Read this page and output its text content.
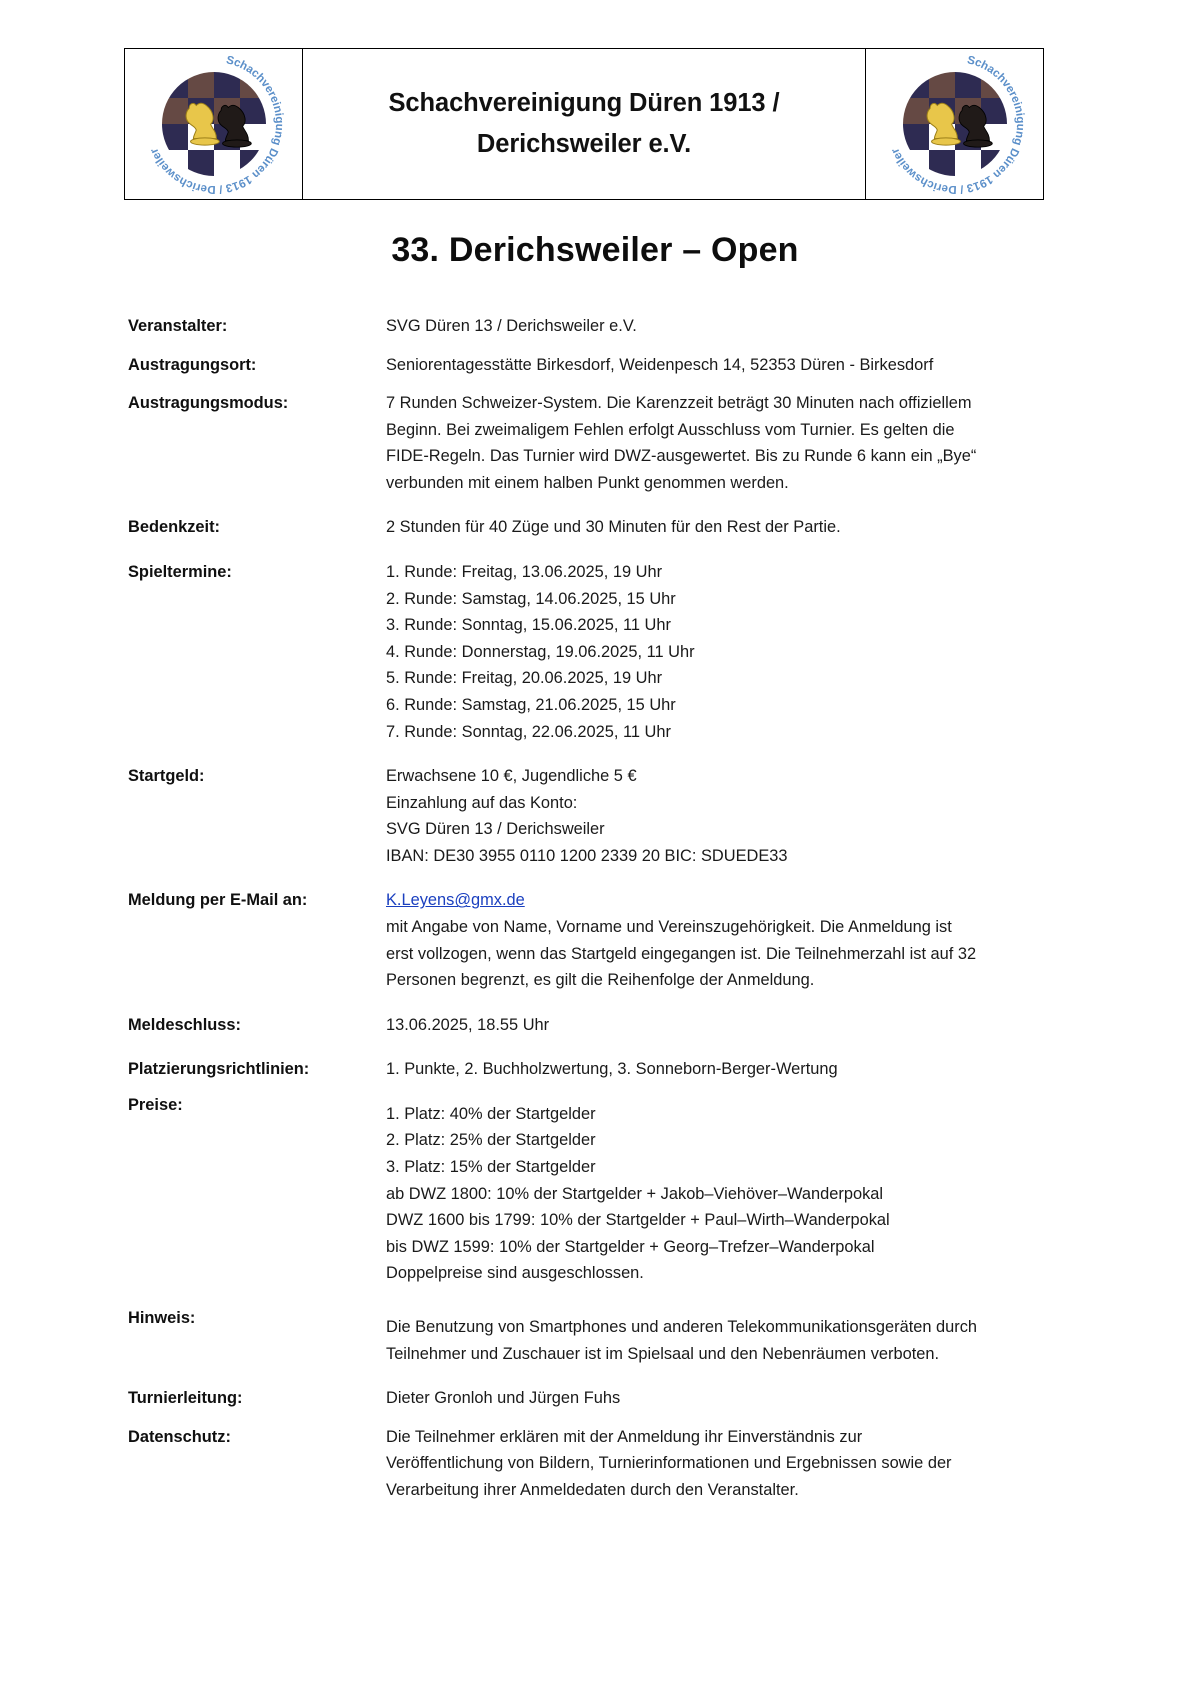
Schachvereinigung Düren 1913 / Derichsweiler
Schachvereinigung Düren 1913 / Derichsweiler e.V.
Schachvereinigung Düren 1913 / Derichsweiler
33. Derichsweiler – Open
Veranstalter:	SVG Düren 13 / Derichsweiler e.V.
Austragungsort:	Seniorentagesstätte Birkesdorf, Weidenpesch 14, 52353 Düren - Birkesdorf
Austragungsmodus:	7 Runden Schweizer-System. Die Karenzzeit beträgt 30 Minuten nach offiziellem
Beginn. Bei zweimaligem Fehlen erfolgt Ausschluss vom Turnier. Es gelten die
FIDE-Regeln. Das Turnier wird DWZ-ausgewertet. Bis zu Runde 6 kann ein „Bye“
verbunden mit einem halben Punkt genommen werden.
Bedenkzeit:	2 Stunden für 40 Züge und 30 Minuten für den Rest der Partie.
Spieltermine:	1. Runde: Freitag, 13.06.2025, 19 Uhr
2. Runde: Samstag, 14.06.2025, 15 Uhr
3. Runde: Sonntag, 15.06.2025, 11 Uhr
4. Runde: Donnerstag, 19.06.2025, 11 Uhr
5. Runde: Freitag, 20.06.2025, 19 Uhr
6. Runde: Samstag, 21.06.2025, 15 Uhr
7. Runde: Sonntag, 22.06.2025, 11 Uhr
Startgeld:	Erwachsene 10 €, Jugendliche 5 €
Einzahlung auf das Konto:
SVG Düren 13 / Derichsweiler
IBAN: DE30 3955 0110 1200 2339 20 BIC: SDUEDE33
Meldung per E-Mail an:	K.Leyens@gmx.de
mit Angabe von Name, Vorname und Vereinszugehörigkeit. Die Anmeldung ist
erst vollzogen, wenn das Startgeld eingegangen ist. Die Teilnehmerzahl ist auf 32
Personen begrenzt, es gilt die Reihenfolge der Anmeldung.
Meldeschluss:	13.06.2025, 18.55 Uhr
Platzierungsrichtlinien:	1. Punkte, 2. Buchholzwertung, 3. Sonneborn-Berger-Wertung
Preise:	1. Platz: 40% der Startgelder
2. Platz: 25% der Startgelder
3. Platz: 15% der Startgelder
ab DWZ 1800: 10% der Startgelder + Jakob–Viehöver–Wanderpokal
DWZ 1600 bis 1799: 10% der Startgelder + Paul–Wirth–Wanderpokal
bis DWZ 1599: 10% der Startgelder + Georg–Trefzer–Wanderpokal
Doppelpreise sind ausgeschlossen.
Hinweis:	Die Benutzung von Smartphones und anderen Telekommunikationsgeräten durch
Teilnehmer und Zuschauer ist im Spielsaal und den Nebenräumen verboten.
Turnierleitung:	Dieter Gronloh und Jürgen Fuhs
Datenschutz:	Die Teilnehmer erklären mit der Anmeldung ihr Einverständnis zur
Veröffentlichung von Bildern, Turnierinformationen und Ergebnissen sowie der
Verarbeitung ihrer Anmeldedaten durch den Veranstalter.
